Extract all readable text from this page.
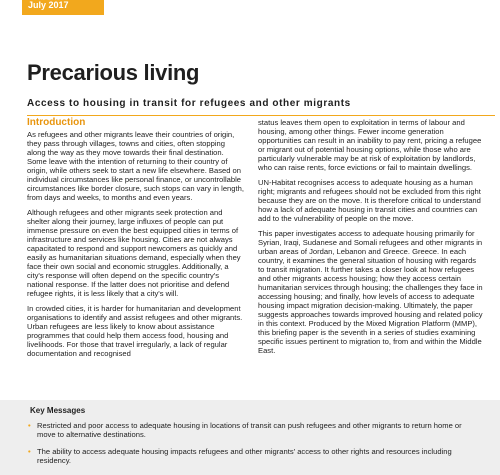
July 2017
Precarious living
Access to housing in transit for refugees and other migrants
Introduction

As refugees and other migrants leave their countries of origin, they pass through villages, towns and cities, often stopping along the way as they move towards their final destination. Some leave with the intention of returning to their country of origin, while others seek to start a new life elsewhere. Based on individual circumstances like personal finance, or uncontrollable circumstances like border closure, such stops can vary in length, from days and weeks, to months and even years.

Although refugees and other migrants seek protection and shelter along their journey, large influxes of people can put immense pressure on even the best equipped cities in terms of infrastructure and services like housing. Cities are not always capacitated to respond and support newcomers as quickly and easily as humanitarian situations demand, especially when they face their own social and economic struggles. Additionally, a city's response will often depend on the specific country's national response. If the latter does not prioritise and defend refugee rights, it is less likely that a city's will.

In crowded cities, it is harder for humanitarian and development organisations to identify and assist refugees and other migrants. Urban refugees are less likely to know about assistance programmes that could help them access food, housing and livelihoods. For those that travel irregularly, a lack of regular documentation and recognised

status leaves them open to exploitation in terms of labour and housing, among other things. Fewer income generation opportunities can result in an inability to pay rent, pricing a refugee or migrant out of potential housing options, while those who are particularly vulnerable may be at risk of exploitation by landlords, who can raise rents, force evictions or fail to maintain dwellings.

UN-Habitat recognises access to adequate housing as a human right; migrants and refugees should not be excluded from this right because they are on the move. It is therefore critical to understand how a lack of adequate housing in transit cities and countries can add to the vulnerability of people on the move.

This paper investigates access to adequate housing primarily for Syrian, Iraqi, Sudanese and Somali refugees and other migrants in urban areas of Jordan, Lebanon and Greece. Greece. In each country, it examines the general situation of housing with regards to transit migration. It further takes a closer look at how refugees and other migrants access housing; how they access certain humanitarian services through housing; the challenges they face in accessing housing; and finally, how levels of access to adequate housing impact migration decision-making. Ultimately, the paper suggests approaches towards improved housing and related policy in this context. Produced by the Mixed Migration Platform (MMP), this briefing paper is the seventh in a series of studies examining specific issues pertinent to migration to, from and within the Middle East.

Key Messages
• Restricted and poor access to adequate housing in locations of transit can push refugees and other migrants to return home or move to alternative destinations.
• The ability to access adequate housing impacts refugees and other migrants' access to other rights and resources including residency.
